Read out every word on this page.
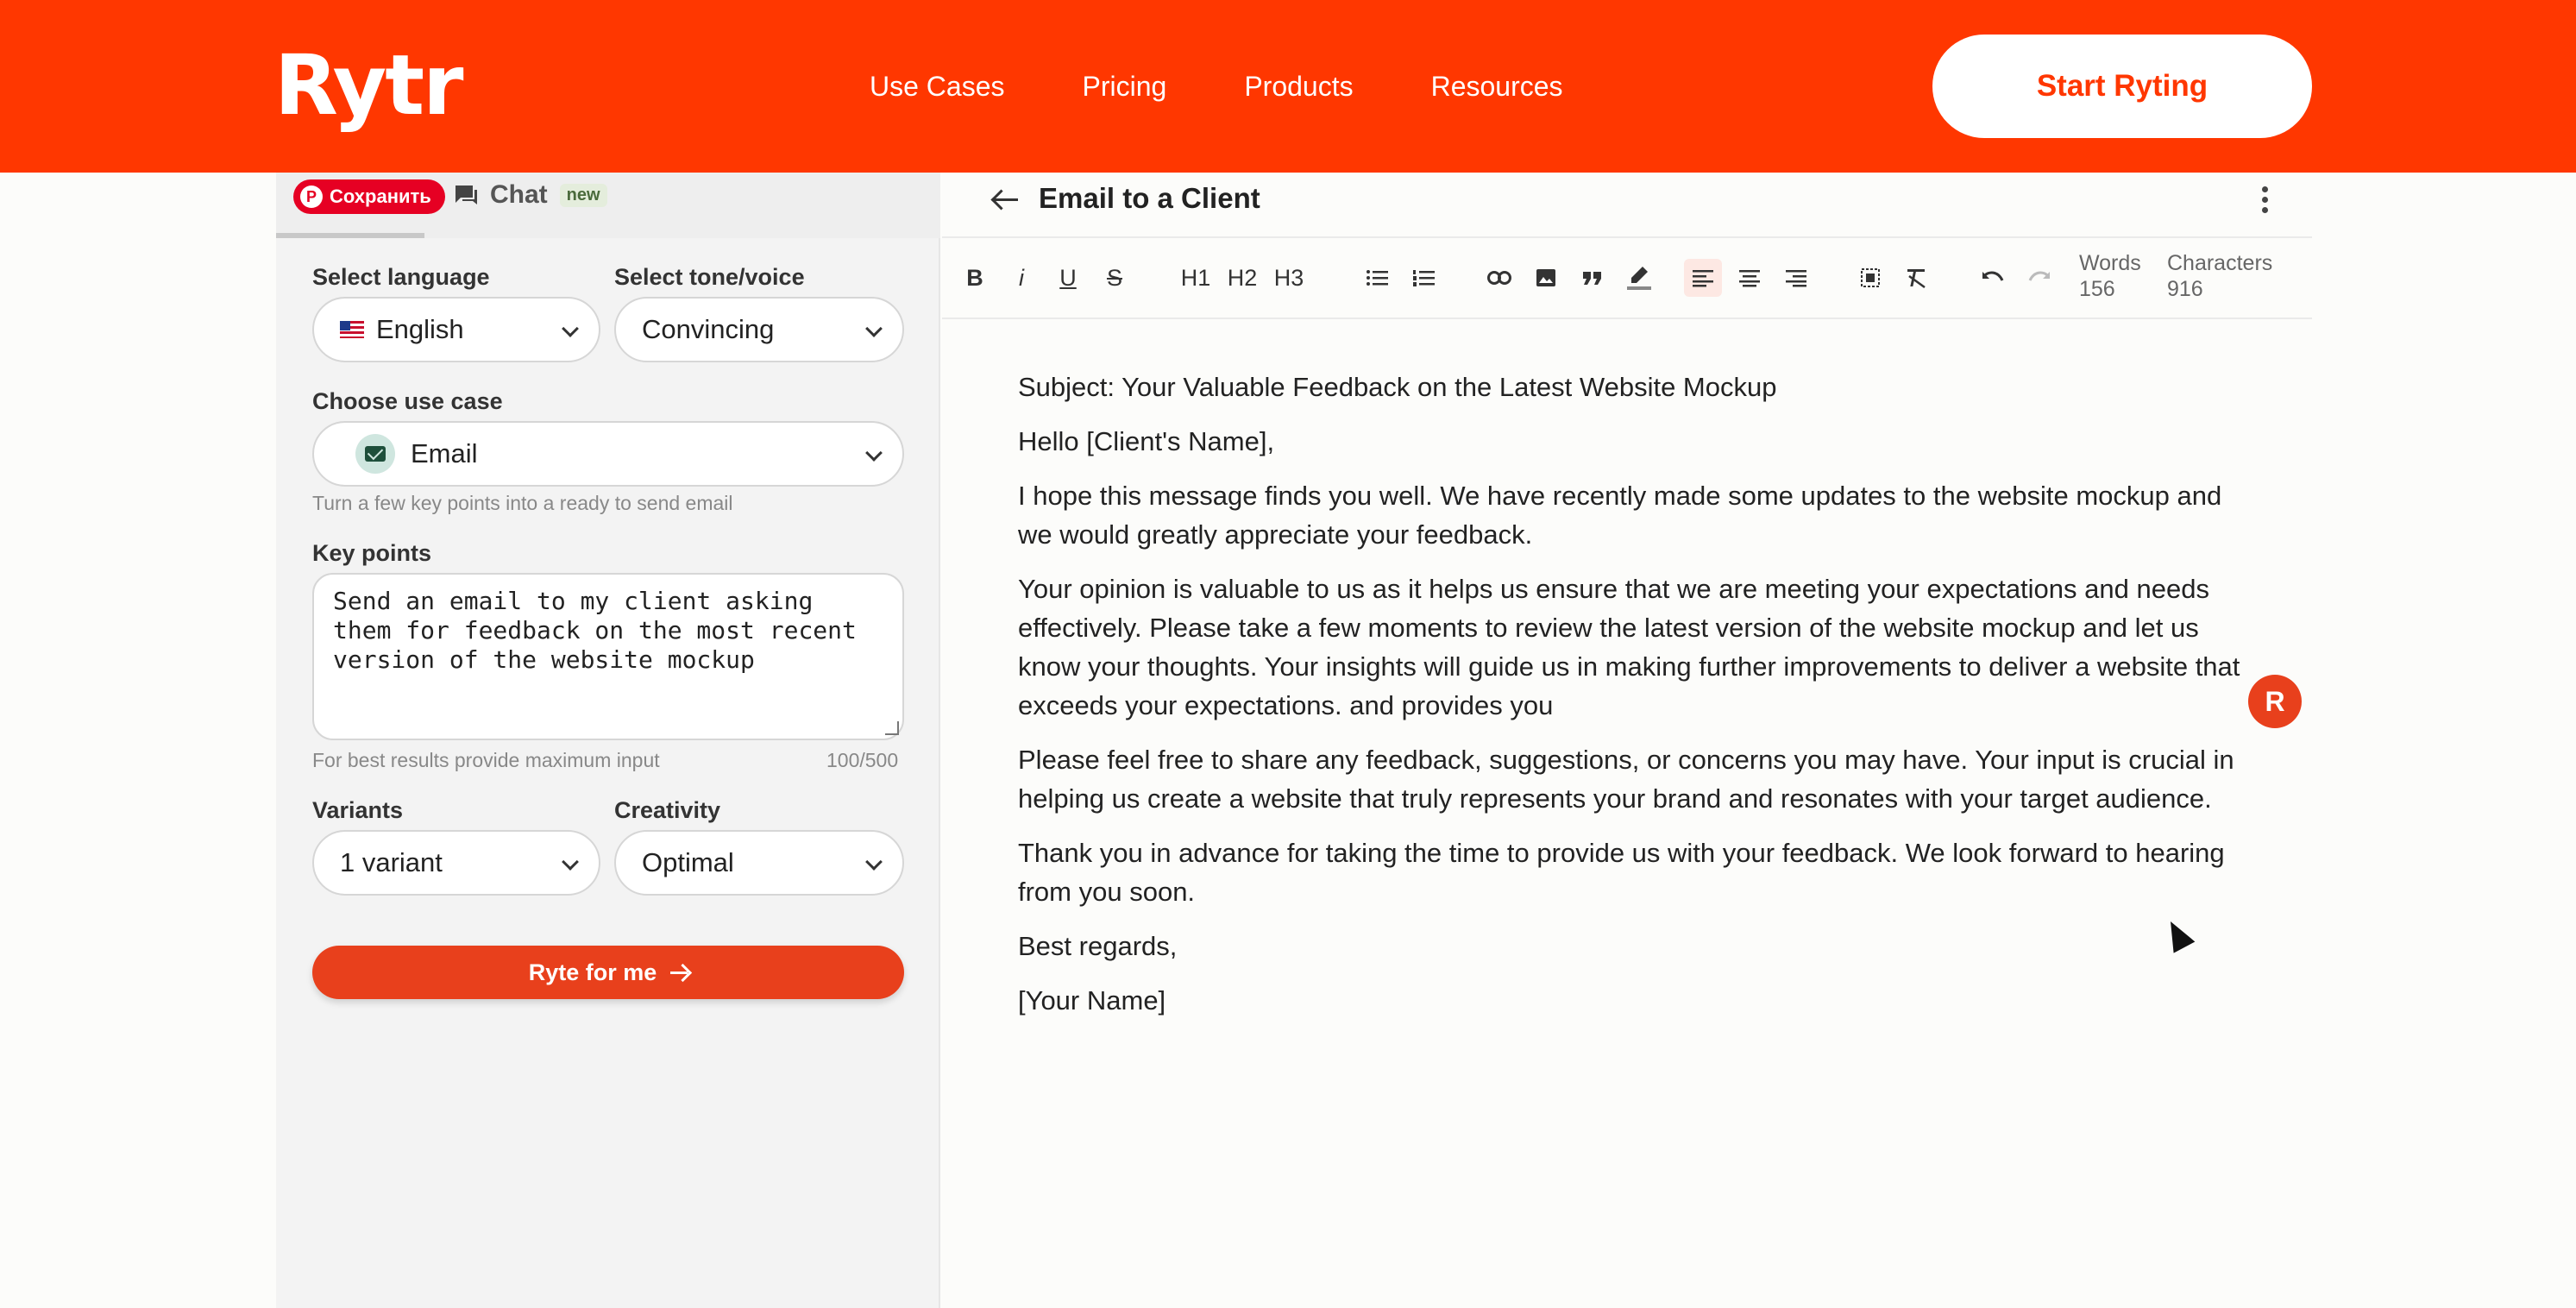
Rytr	Use Cases	Pricing	Products	Resources	Start Ryting
P Сохранить Chat	new
Select language
English
Select tone/voice
Convincing
Choose use case
Email
Turn a few key points into a ready to send email
Key points
Send an email to my client asking them for feedback on the most recent version of the website mockup
For best results provide maximum input	100/500
Variants
1 variant
Creativity
Optimal
Ryte for me
Email to a Client
B	i	U	S	H1 H2 H3
Words
156
Characters
916

Subject: Your Valuable Feedback on the Latest Website Mockup

Hello [Client's Name],

I hope this message finds you well. We have recently made some updates to the website mockup and we would greatly appreciate your feedback.

Your opinion is valuable to us as it helps us ensure that we are meeting your expectations and needs effectively. Please take a few moments to review the latest version of the website mockup and let us know your thoughts. Your insights will guide us in making further improvements to deliver a website that exceeds your expectations. and provides you

Please feel free to share any feedback, suggestions, or concerns you may have. Your input is crucial in helping us create a website that truly represents your brand and resonates with your target audience.

Thank you in advance for taking the time to provide us with your feedback. We look forward to hearing from you soon.

Best regards,

[Your Name]

R
